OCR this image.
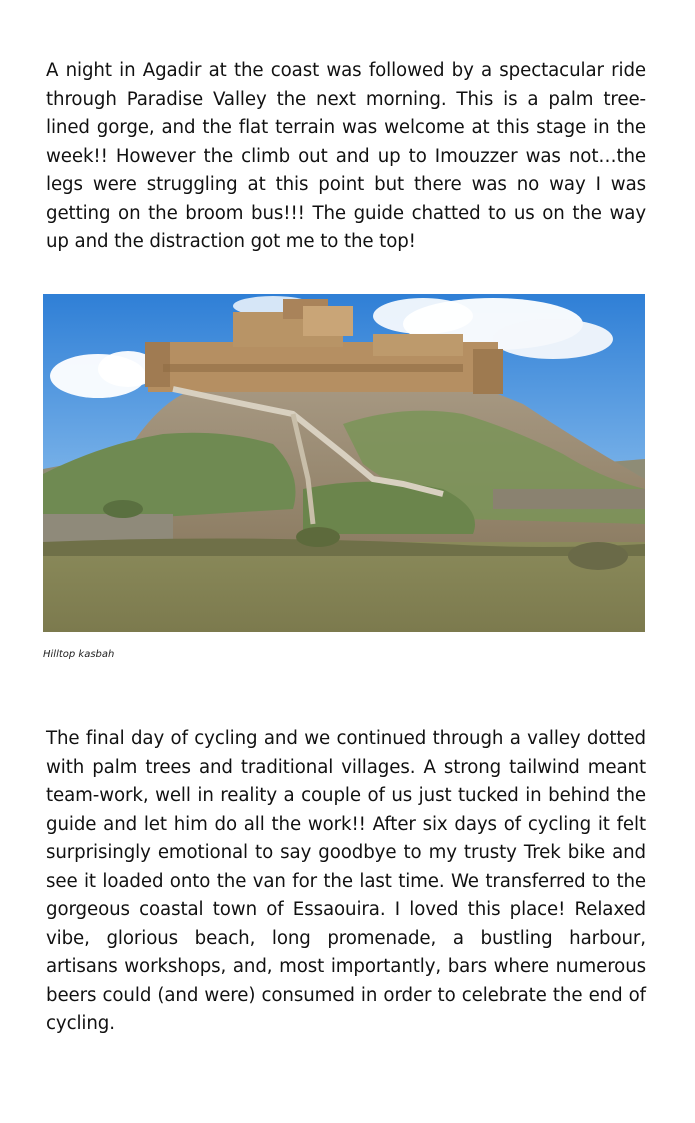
A night in Agadir at the coast was followed by a spectacular ride through Paradise Valley the next morning. This is a palm tree-lined gorge, and the flat terrain was welcome at this stage in the week!! However the climb out and up to Imouzzer was not…the legs were struggling at this point but there was no way I was getting on the broom bus!!! The guide chatted to us on the way up and the distraction got me to the top!

Hilltop kasbah

The final day of cycling and we continued through a valley dotted with palm trees and traditional villages. A strong tailwind meant team-work, well in reality a couple of us just tucked in behind the guide and let him do all the work!! After six days of cycling it felt surprisingly emotional to say goodbye to my trusty Trek bike and see it loaded onto the van for the last time. We transferred to the gorgeous coastal town of Essaouira. I loved this place! Relaxed vibe, glorious beach, long promenade, a bustling harbour, artisans workshops, and, most importantly, bars where numerous beers could (and were) consumed in order to celebrate the end of cycling.
